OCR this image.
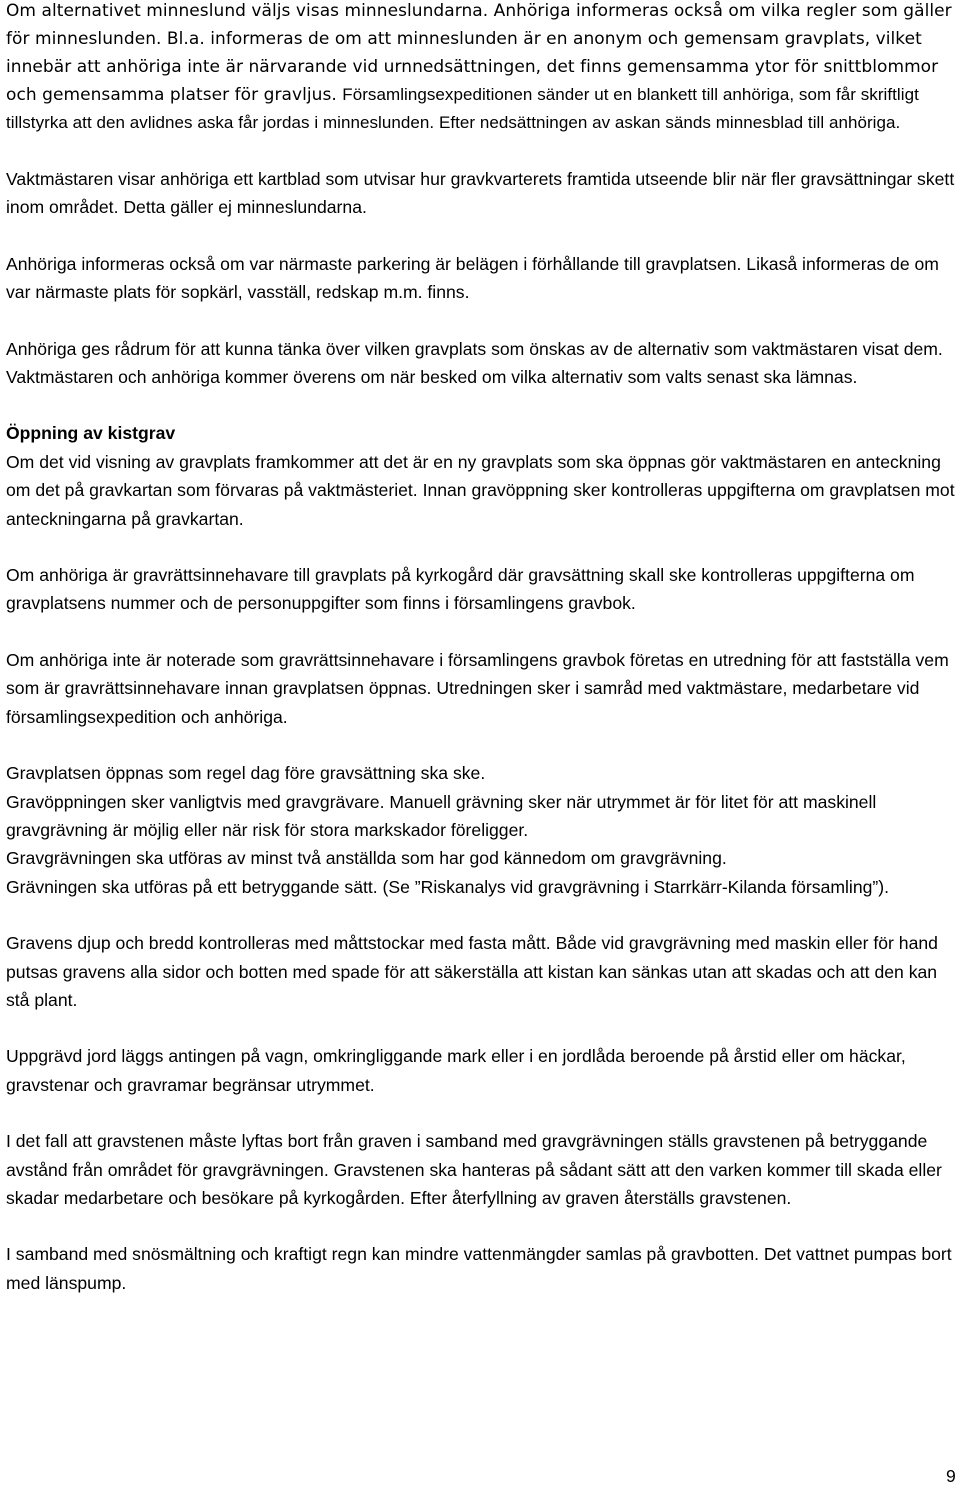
Om alternativet minneslund väljs visas minneslundarna. Anhöriga informeras också om vilka regler som gäller för minneslunden. Bl.a. informeras de om att minneslunden är en anonym och gemensam gravplats, vilket innebär att anhöriga inte är närvarande vid urnnedsättningen, det finns gemensamma ytor för snittblommor och gemensamma platser för gravljus. Församlingsexpeditionen sänder ut en blankett till anhöriga, som får skriftligt tillstyrka att den avlidnes aska får jordas i minneslunden. Efter nedsättningen av askan sänds minnesblad till anhöriga.

Vaktmästaren visar anhöriga ett kartblad som utvisar hur gravkvarterets framtida utseende blir när fler gravsättningar skett inom området. Detta gäller ej minneslundarna.

Anhöriga informeras också om var närmaste parkering är belägen i förhållande till gravplatsen. Likaså informeras de om var närmaste plats för sopkärl, vasställ, redskap m.m. finns.

Anhöriga ges rådrum för att kunna tänka över vilken gravplats som önskas av de alternativ som vaktmästaren visat dem. Vaktmästaren och anhöriga kommer överens om när besked om vilka alternativ som valts senast ska lämnas.

Öppning av kistgrav

Om det vid visning av gravplats framkommer att det är en ny gravplats som ska öppnas gör vaktmästaren en anteckning om det på gravkartan som förvaras på vaktmästeriet. Innan gravöppning sker kontrolleras uppgifterna om gravplatsen mot anteckningarna på gravkartan.

Om anhöriga är gravrättsinnehavare till gravplats på kyrkogård där gravsättning skall ske kontrolleras uppgifterna om gravplatsens nummer och de personuppgifter som finns i församlingens gravbok.

Om anhöriga inte är noterade som gravrättsinnehavare i församlingens gravbok företas en utredning för att fastställa vem som är gravrättsinnehavare innan gravplatsen öppnas. Utredningen sker i samråd med vaktmästare, medarbetare vid församlingsexpedition och anhöriga.

Gravplatsen öppnas som regel dag före gravsättning ska ske.

Gravöppningen sker vanligtvis med gravgrävare. Manuell grävning sker när utrymmet är för litet för att maskinell gravgrävning är möjlig eller när risk för stora markskador föreligger.

Gravgrävningen ska utföras av minst två anställda som har god kännedom om gravgrävning.

Grävningen ska utföras på ett betryggande sätt. (Se ”Riskanalys vid gravgrävning i Starrkärr-Kilanda församling”).

Gravens djup och bredd kontrolleras med måttstockar med fasta mått. Både vid gravgrävning med maskin eller för hand putsas gravens alla sidor och botten med spade för att säkerställa att kistan kan sänkas utan att skadas och att den kan stå plant.

Uppgrävd jord läggs antingen på vagn, omkringliggande mark eller i en jordlåda beroende på årstid eller om häckar, gravstenar och gravramar begränsar utrymmet.

I det fall att gravstenen måste lyftas bort från graven i samband med gravgrävningen ställs gravstenen på betryggande avstånd från området för gravgrävningen. Gravstenen ska hanteras på sådant sätt att den varken kommer till skada eller skadar medarbetare och besökare på kyrkogården. Efter återfyllning av graven återställs gravstenen.

I samband med snösmältning och kraftigt regn kan mindre vattenmängder samlas på gravbotten. Det vattnet pumpas bort med länspump.

9
